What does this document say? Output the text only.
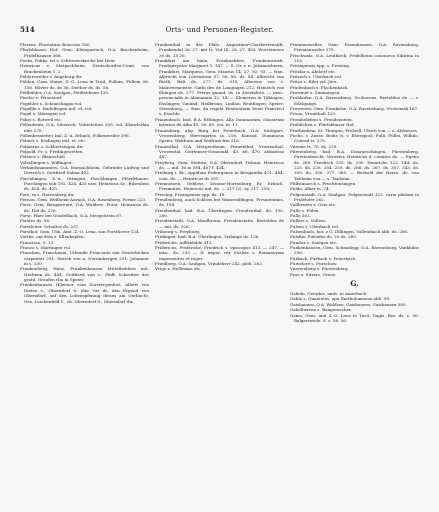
514	Orts- und Personen-Register.
Florenz. Florentina dioecesis 180.
Flurlsbhaser Hof, Gem. Kleingartach, O.A. Brackenheim, Fridelhausen 366.
Focke, Fokko, ist v. Schwesterkirche bei Hein-
Heinricus v. Marpachheim, Deutschorden-Comt. von Brackenheim 1. 2
Föhlersweiler v. Augsburg dir.
Föhlen, Gem. Hame, Z.-O. Lena in Tirol, Fullein, Füllein 08. 158. Hörter ds. de 56. Diether ds. ds. 58.
Fötlbühler, O.A. Saulgau, Feldlenheim 130.
Fiseler s. Pfronstorf.
Fogehler s. Schnaichagau vol.
Fogellin s. Rudolfsigen intl. et. vol.
Fogel s. Märingen vol.
Fokio s. Rotweil etc.
Follenbeim, O.A. Sihernch, Vohrstetten 395. vol. Khawlerlau ider 270.
Follenbessietter Iml, Z.-A. Erbach, Folkenweiler 396.
Folmer s. Esslingen intl. et. etc.
Folmarus s. Schbertzingen dir.
Folpold, Fr. s. Fredingswetten.
Folznov s. Blanischiel.
Volvellingen s. Wiffingen.
Verlandsnammers, O.A. Marpachheim, Gebrüder Ludwig und Dietrich v. Gottfried Salma 402.
Forchhingen, Z.-A. Ottingen, Forchhingen Pförtlehauer, Forchingen sub 192. 424. 425 usw. Heinricus Sr., Bilsenlein ds. 424. ds. 425.
Fore, in s. Herrenberg dir.
Fernon, Gem. Weilheim-Aurach, O.A. Rosenberg, Forme 223.
Forst, Gem. Bergatreute, O.A. Waldsee, Forst. Heinricus ds. ds. 108 ds. 276.
Forst, Pfarr bei Güsdelbach, O.A. Mergelstein 67.
Forster ds. 56.
Forstleiter, Schultes ds. 257.
Forstkof, Gem. Ulm, Amt. Z.-O. Lena, sun Forsthover 124.
Vorthe, am dem s. Ellenkopfen.
Francisca, S. 13.
Franco s. Martingen vol.
Francken, Franchania, Urkunde Franconie sim Gesterbicken carpenter 291. Sirrick von a. Norumbergen 201. Johanner in s. 230.
Frankenberg, Haus, Frankenhausen Mittelbeldern mit. Herlinen ds. 484. Gottfried von s., Pfaff, Schreiber des gratd. Graufen rlin in Speier.
Frankenhausen (Kleenor vom Zorzerrgenfort, Albert von Dietze s., Oberndorf 8. (der Ort ds. den Ergend von Oberndorf, auf den Lebenspfennig dieses am Oerbach), Ges. Lerchenfeld 1., ds. Oberndorf 8., Oberndorf dir.
Frankenthal in der Pfalz, Augustiner-Chorherrenstift, Frankendal 26. 27. mit Is. Vid III. 26. 27. 405. Worcstersee 30 ds. 25 26.
Frankfurt am Main, Franknahfort, Frankenwurdt. Predigerprior Margaret 1. 187. — S. Gr. v. n. Johannisherrn, Frankfurt, Marquess, Gem. Maurus 14. 27. 92. 93. — fran. Albrecht von Lövenstein 57. 56. 80. ds. 84. Albrecht von Rietli, Balt ds. 277. ds. 310. Albertus von s. Mainvermeister. Gathi des de Langingen 212. Heinrich von Ehingen ds. 277. Petrus quand. ds. in Zwiefalten. — misc. provincialis in Alemannia 12. 14. — Kleineren in Tübingen; Esslingen; Gmünd; Heilbronn; Lindau; Reutlingen; Speier; Strassburg. — fran. da regula Penitentium beati Francisci s. Esschle.
Frauenbach, bad. B.A. Ettlingen, Alla Dominarum, claustrum interius de Alba 45. 59. 60. (ea. in. 13.
Frauenberg, abg. Burg bei Feuerbach, O.A. Stuttgart, Vrowenberg, Hervenpries in 218. Konrad, Dominicus Speier. Walthum und Wolfram frei 216.
Frauenthal, O.A. Mergentheim, Frauenthal. Vrowenthal, Vrowental. Ciertenser-Nonnenkl. 43. 66. 470. abbatissa 487.
Freyberg, Gem. Stetten, O.A. Oberndorf, Tribam. Heinricus ds. — mil. 16 in 394. 407 f. 434.
Freiburg i. Br., oppidum Friburgense in Brisgaudia 471. 484. com. ds. — Heinricus ds 391.
Freinnotzen, Oeblese, Sivasse-Hortenburg Er. Erbach, Freimuten. Heinricus mil. ds. — 217 (2). sy. 217. 218.
Freising. Frisingensis epp. ds. 18.
Freudenberg, auch Schloss bei Wasseralfingen, Freuntenmis, ds. 194.
Freudenthal, bad. B.A. Überlingen, Freudenthal, ds. 190. 280.
Freudenstadt, O.A. Maulbronn, Freudenstatts. Bertoldus de — mil. ds. 326.
Vribourg s. Freyburg.
Fridingen, bad. B.A. Überlingen, Vribinge ds. 136.
Frideriche, Adlfridelde 312.
Fridericus, Fridericke, Friedrich s. episcopus 413. — 247. — misc. ds. 233 — II. imper. rex Siciliae s. Romanorum imperatores et reges.
Friedberg, O.A. Saulgau, Vrindeberr 242. pleb. 262.
Vrigo s. Hollirmas etc.
Frimmenweiler, Gem. Essenhausen, O.A. Ravensburg, Friemanweiler 279.
Frischwalz, O.A. Leutkirch, Fridelheim canonicus Sibirina in 216.
Frisingensis epp. s. Freising.
Fritzlar s. Abiberf etc.
Fritzsch s. Uberbach vol.
Fritzo s. Rilet vol. Jörs.
Frodenbach s. Flachenbach.
Frowinet s. Zumminyen.
Frohhofen, O.A. Ravensburg, Vrohovens, Bertoldus de — s. Edelgungs.
Frowenwr, Gem. Frankelse, O.A. Ravensburg, Vrowenrik 167.
Frono, Vromthalt 123.
Fromheleiten s. Freudenstein.
Fröhlichen s. Flurlsbhaser Hof.
Fruthenbrin, St. Thurgau, Frölovll, Ulrich von — s. Alsbesses.
Fuchs, s. Zusse. Bodis (s. v. Eberepos), Fulli, Füllei, Wilhilo, Conrad ts. 279.
Vürsme ts. 70. ds. 279.
Fürstenberg, bad. B.A. Donaueschingen, Fürstenberg, Furstenbercht. Verwiter, Heinricus d. comites de. — Egeno ds. 269. Friedrich 155. ds. 290. Heinrichs 122. 144. ds. 225. ds. 228. 254. 259. ds. 266. ds. 267. ds. 307. 343. ds. 350. ds. 356. 377. 385. — Berhold der Herrn. de. von Tanheim von — s. Tanheim.
Füllstanarch s. Fruchtenzingen.
Fulda, Alber ts. 74.
Fulgenstadt, O.A. Saulgau, Fulgenstadt 123. curia plebani in Fridehere 262.
Vullheuers s. Geiz etc.
Fullo s. Fülen.
Fullo 302.
Fullers s. Vullers.
Fulsen s. Uberbach vol.
Fulsenbach, hor. z.G. Dillingen, Vallembach abb. ds. 266.
Fulsfus. Fulsufus ds. 25 ds. 269.
Fundox s. Saulgau etc.
Funkenhausen, Gem. Schmalegg, O.A. Ravensburg, Vankhilns 296.
Fürbach, Furbach s. Feuerbach.
Furselore s. Furschow.
Vurstenberg s. Fürstenberg.
Fyse s. Sitzers, Gruse.
G.
Gabeln, Geradus, ands. in Amerbach.
Gabia s. Quantolos. apu Bartholomaeus abb. 99.
Gaisbauern, O.A. Waldsee, Gaisbauern, Gaisbauern 385.
Gabelherren s. Bangersecher.
Gams, Gem. und Z.-O. Lens in Tirol, Gagis. Ber. ds. s. 56. Balgertwiele. 8. s. 56. 56.
